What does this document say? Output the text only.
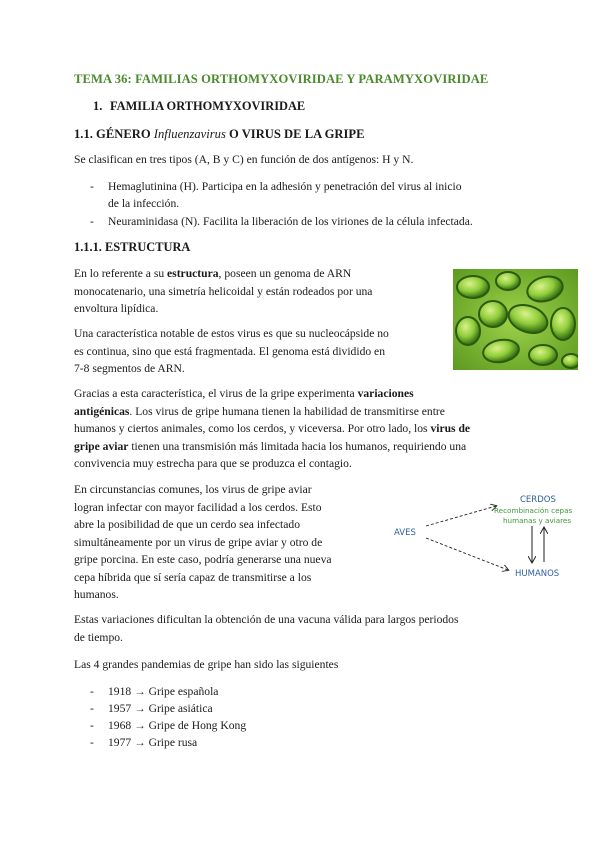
TEMA 36: FAMILIAS ORTHOMYXOVIRIDAE Y PARAMYXOVIRIDAE
1. FAMILIA ORTHOMYXOVIRIDAE
1.1. GÉNERO Influenzavirus O VIRUS DE LA GRIPE
Se clasifican en tres tipos (A, B y C) en función de dos antígenos: H y N.
- Hemaglutinina (H). Participa en la adhesión y penetración del virus al inicio
de la infección.
- Neuraminidasa (N). Facilita la liberación de los viriones de la célula infectada.
1.1.1. ESTRUCTURA
En lo referente a su estructura, poseen un genoma de ARN
monocatenario, una simetría helicoidal y están rodeados por una
envoltura lipídica.
Una característica notable de estos virus es que su nucleocápside no
es continua, sino que está fragmentada. El genoma está dividido en
7-8 segmentos de ARN.
Gracias a esta característica, el virus de la gripe experimenta variaciones
antigénicas. Los virus de gripe humana tienen la habilidad de transmitirse entre
humanos y ciertos animales, como los cerdos, y viceversa. Por otro lado, los virus de
gripe aviar tienen una transmisión más limitada hacia los humanos, requiriendo una
convivencia muy estrecha para que se produzca el contagio.
En circunstancias comunes, los virus de gripe aviar
logran infectar con mayor facilidad a los cerdos. Esto
abre la posibilidad de que un cerdo sea infectado
simultáneamente por un virus de gripe aviar y otro de
gripe porcina. En este caso, podría generarse una nueva
cepa híbrida que sí sería capaz de transmitirse a los
humanos.
AVES
CERDOS
Recombinación cepas
humanas y aviares
HUMANOS
Estas variaciones dificultan la obtención de una vacuna válida para largos periodos
de tiempo.
Las 4 grandes pandemias de gripe han sido las siguientes
- 1918 → Gripe española
- 1957 → Gripe asiática
- 1968 → Gripe de Hong Kong
- 1977 → Gripe rusa
